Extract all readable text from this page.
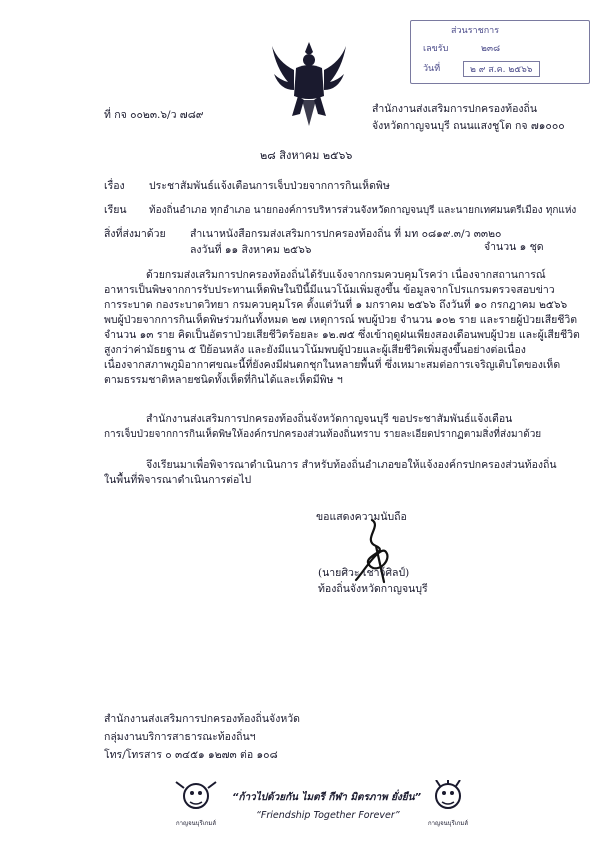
ส่วนราชการ
เลขรับ	๒๓๘
วันที่	๒ ๙ ส.ค. ๒๕๖๖
ที่ กจ ๐๐๒๓.๖/ว ๗๘๙	สำนักงานส่งเสริมการปกครองท้องถิ่น
จังหวัดกาญจนบุรี ถนนแสงชูโต กจ ๗๑๐๐๐
๒๘ สิงหาคม ๒๕๖๖
เรื่อง ประชาสัมพันธ์แจ้งเตือนการเจ็บป่วยจากการกินเห็ดพิษ
เรียน ท้องถิ่นอำเภอ ทุกอำเภอ นายกองค์การบริหารส่วนจังหวัดกาญจนบุรี และนายกเทศมนตรีเมือง ทุกแห่ง
สิ่งที่ส่งมาด้วย สำเนาหนังสือกรมส่งเสริมการปกครองท้องถิ่น ที่ มท ๐๘๑๙.๓/ว ๓๓๒๐
ลงวันที่ ๑๑ สิงหาคม ๒๕๖๖	จำนวน ๑ ชุด
ด้วยกรมส่งเสริมการปกครองท้องถิ่นได้รับแจ้งจากกรมควบคุมโรคว่า เนื่องจากสถานการณ์
อาหารเป็นพิษจากการรับประทานเห็ดพิษในปีนี้มีแนวโน้มเพิ่มสูงขึ้น ข้อมูลจากโปรแกรมตรวจสอบข่าว
การระบาด กองระบาดวิทยา กรมควบคุมโรค ตั้งแต่วันที่ ๑ มกราคม ๒๕๖๖ ถึงวันที่ ๑๐ กรกฎาคม ๒๕๖๖
พบผู้ป่วยจากการกินเห็ดพิษร่วมกันทั้งหมด ๒๗ เหตุการณ์ พบผู้ป่วย จำนวน ๑๐๒ ราย และรายผู้ป่วยเสียชีวิต
จำนวน ๑๓ ราย คิดเป็นอัตราป่วยเสียชีวิตร้อยละ ๑๒.๗๕ ซึ่งเข้าฤดูฝนเพียงสองเดือนพบผู้ป่วย และผู้เสียชีวิต
สูงกว่าค่ามัธยฐาน ๕ ปีย้อนหลัง และยังมีแนวโน้มพบผู้ป่วยและผู้เสียชีวิตเพิ่มสูงขึ้นอย่างต่อเนื่อง
เนื่องจากสภาพภูมิอากาศขณะนี้ที่ยังคงมีฝนตกชุกในหลายพื้นที่ ซึ่งเหมาะสมต่อการเจริญเติบโตของเห็ด
ตามธรรมชาติหลายชนิดทั้งเห็ดที่กินได้และเห็ดมีพิษ ฯ
สำนักงานส่งเสริมการปกครองท้องถิ่นจังหวัดกาญจนบุรี ขอประชาสัมพันธ์แจ้งเตือน
การเจ็บป่วยจากการกินเห็ดพิษให้องค์กรปกครองส่วนท้องถิ่นทราบ รายละเอียดปรากฏตามสิ่งที่ส่งมาด้วย
จึงเรียนมาเพื่อพิจารณาดำเนินการ สำหรับท้องถิ่นอำเภอขอให้แจ้งองค์กรปกครองส่วนท้องถิ่น
ในพื้นที่พิจารณาดำเนินการต่อไป
ขอแสดงความนับถือ
(นายศิวะ เชาว์ศิลป์)
ท้องถิ่นจังหวัดกาญจนบุรี
สำนักงานส่งเสริมการปกครองท้องถิ่นจังหวัด
กลุ่มงานบริการสาธารณะท้องถิ่นฯ
โทร/โทรสาร ๐ ๓๔๕๑ ๑๒๗๓ ต่อ ๑๐๘
กาญจนบุรีเกมส์
“ก้าวไปด้วยกัน ไมตรี กีฬา มิตรภาพ ยั่งยืน”
“Friendship Together Forever”
กาญจนบุรีเกมส์
